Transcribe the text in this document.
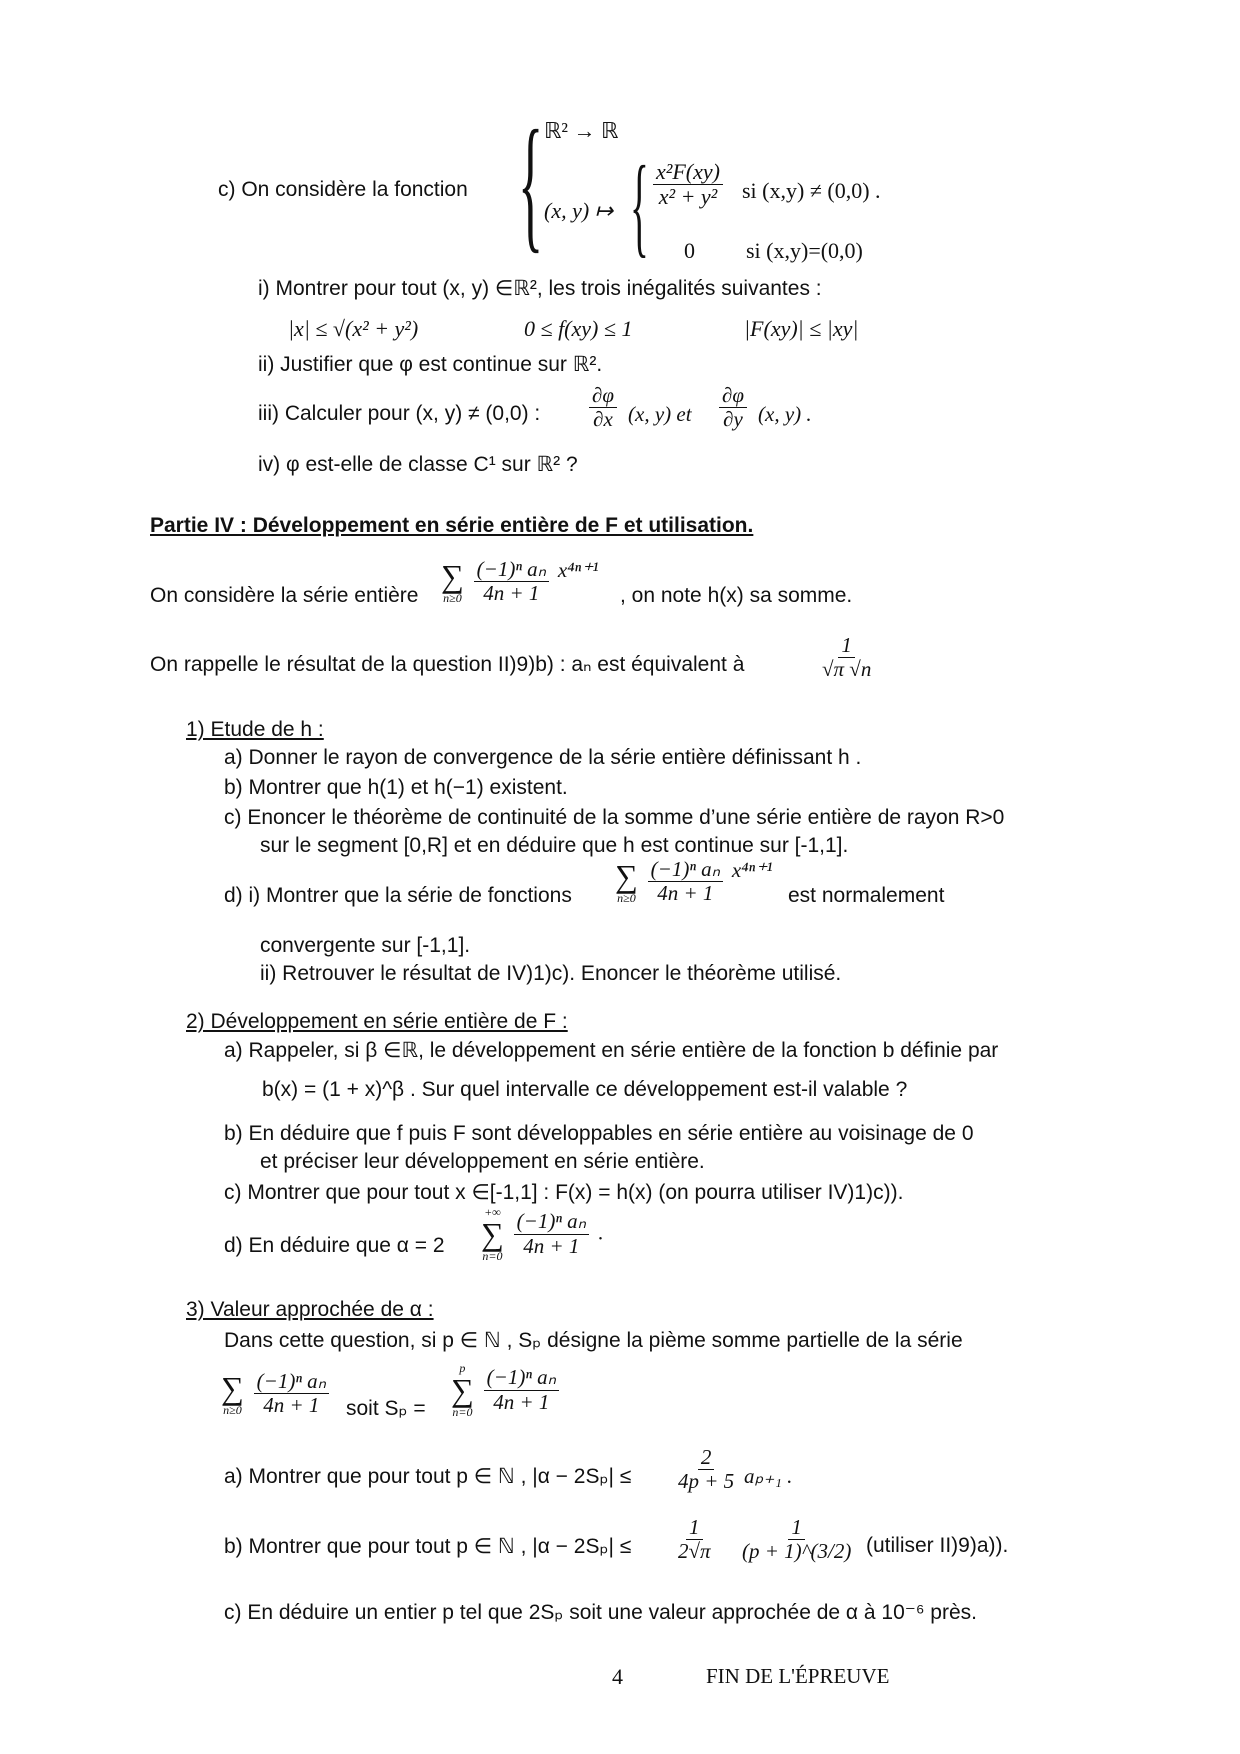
c) On considère la fonction { ℝ² → ℝ
(x, y) ↦ { $\frac{\text{x²F(xy)}}{\text{x² + y²}}$ si (x,y) ≠ (0,0) .
0 si (x,y)=(0,0)
i) Montrer pour tout (x, y) ∈ℝ², les trois inégalités suivantes :
|x| ≤ √(x² + y²)	0 ≤ f(xy) ≤ 1	|F(xy)| ≤ |xy|
ii) Justifier que φ est continue sur ℝ².
iii) Calculer pour (x, y) ≠ (0,0) : $\frac{\partial\varphi}{\partial x} (x$, y) et $\frac{\partial\varphi}{\partial y} (x$, y) .
iv) φ est-elle de classe C¹ sur ℝ² ?
Partie IV : Développement en série entière de F et utilisation.
On considère la série entière
∑
n≥0
$\frac{\text{(−1)ⁿ aₙ}}{4n + 1} x^{4n+1}$
, on note h(x) sa somme.
On rappelle le résultat de la question II)9)b) : aₙ est équivalent à	$\frac{1}{√\pi √n}$
1) Etude de h :
a) Donner le rayon de convergence de la série entière définissant h .
b) Montrer que h(1) et h(−1) existent.
c) Enoncer le théorème de continuité de la somme d’une série entière de rayon R>0
sur le segment [0,R] et en déduire que h est continue sur [-1,1].
d) i) Montrer que la série de fonctions
∑
n≥0
$\frac{\text{(−1)ⁿ aₙ}}{4n + 1} x^{4n+1}$
est normalement
convergente sur [-1,1].
ii) Retrouver le résultat de IV)1)c). Enoncer le théorème utilisé.
2) Développement en série entière de F :
a) Rappeler, si β ∈ℝ, le développement en série entière de la fonction b définie par
b(x) = (1 + x)^β . Sur quel intervalle ce développement est-il valable ?
b) En déduire que f puis F sont développables en série entière au voisinage de 0
et préciser leur développement en série entière.
c) Montrer que pour tout x ∈[-1,1] : F(x) = h(x) (on pourra utiliser IV)1)c)).
d) En déduire que α = 2
+∞
∑
n=0
$\frac{\text{(−1)ⁿ aₙ}}{4n + 1}$ .
3) Valeur approchée de α :
Dans cette question, si p ∈ ℕ , Sₚ désigne la pième somme partielle de la série
∑
n≥0
$\frac{\text{(−1)ⁿ aₙ}}{4n + 1}$ soit Sₚ =
p
∑
n=0
$\frac{\text{(−1)ⁿ aₙ}}{4n + 1}$
a) Montrer que pour tout p ∈ ℕ , $|\alpha - 2S_p| \le \frac{2}{4p + 5} a_{p+1}$ .
b) Montrer que pour tout p ∈ ℕ , $|\alpha - 2S_p| \le \frac{1}{2√\pi} \frac{1}{(p + 1)\^{}(3/2)}$ (utiliser II)9)a)).
c) En déduire un entier p tel que 2Sₚ soit une valeur approchée de α à 10⁻⁶ près.
4	FIN DE L'ÉPREUVE
